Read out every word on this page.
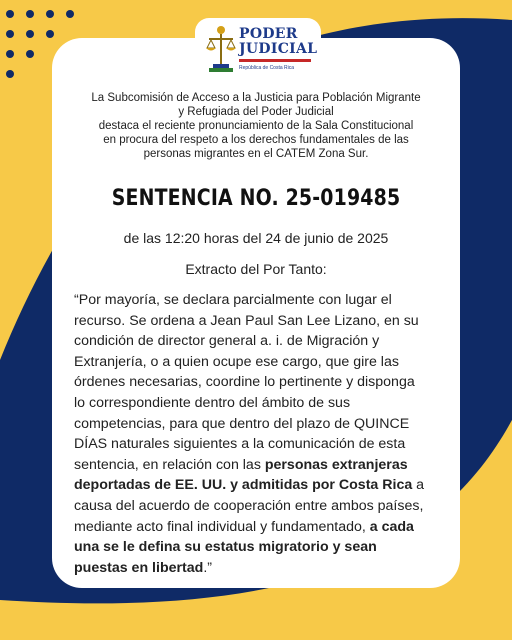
PODER
JUDICIAL
República de Costa Rica
La Subcomisión de Acceso a la Justicia para Población Migrante
y Refugiada del Poder Judicial
destaca el reciente pronunciamiento de la Sala Constitucional
en procura del respeto a los derechos fundamentales de las
personas migrantes en el CATEM Zona Sur.
SENTENCIA NO. 25-019485
de las 12:20 horas del 24 de junio de 2025
Extracto del Por Tanto:
“Por mayoría, se declara parcialmente con lugar el
recurso. Se ordena a Jean Paul San Lee Lizano, en su
condición de director general a. i. de Migración y
Extranjería, o a quien ocupe ese cargo, que gire las
órdenes necesarias, coordine lo pertinente y disponga
lo correspondiente dentro del ámbito de sus
competencias, para que dentro del plazo de QUINCE
DÍAS naturales siguientes a la comunicación de esta
sentencia, en relación con las personas extranjeras
deportadas de EE. UU. y admitidas por Costa Rica a
causa del acuerdo de cooperación entre ambos países,
mediante acto final individual y fundamentado, a cada
una se le defina su estatus migratorio y sean
puestas en libertad.”
